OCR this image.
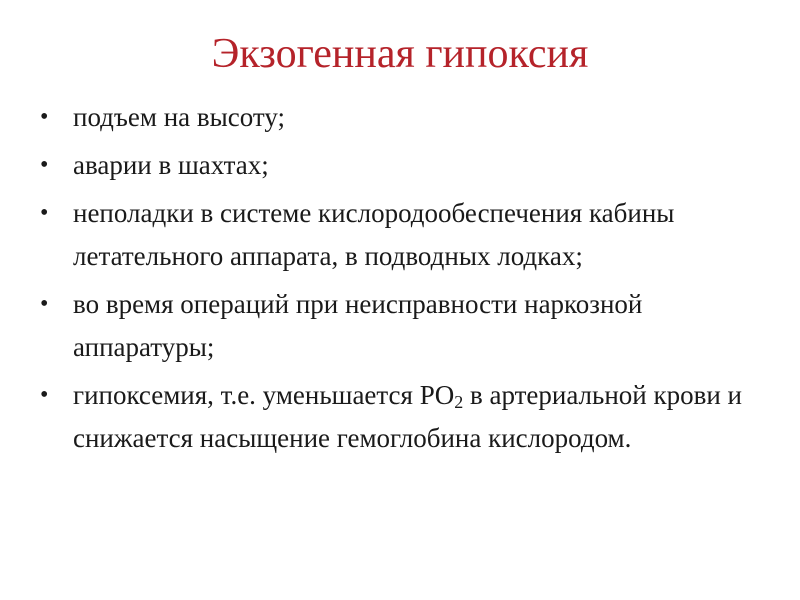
Экзогенная гипоксия
• подъем на высоту;
• аварии в шахтах;
• неполадки в системе кислородообеспечения кабины летательного аппарата, в подводных лодках;
• во время операций при неисправности наркозной аппаратуры;
• гипоксемия, т.е. уменьшается $PO_2$ в артериальной крови и снижается насыщение гемоглобина кислородом.
